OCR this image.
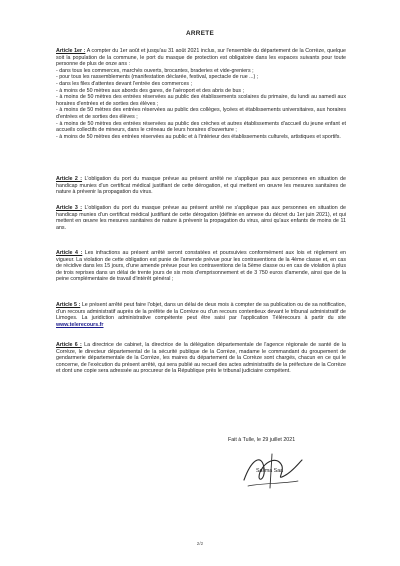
ARRETE

Article 1er : A compter du 1er août et jusqu'au 31 août 2021 inclus, sur l'ensemble du département de la Corrèze, quelque soit la population de la commune, le port du masque de protection est obligatoire dans les espaces suivants pour toute personne de plus de onze ans :

- dans tous les commerces, marchés ouverts, brocantes, braderies et vide-greniers ;

- pour tous les rassemblements (manifestation déclarée, festival, spectacle de rue ...) ;

- dans les files d'attentes devant l'entrée des commerces ;

- à moins de 50 mètres aux abords des gares, de l'aéroport et des abris de bus ;

- à moins de 50 mètres des entrées réservées au public des établissements scolaires du primaire, du lundi au samedi aux horaires d'entrées et de sorties des élèves ;

- à moins de 50 mètres des entrées réservées au public des collèges, lycées et établissements universitaires, aux horaires d'entrées et de sorties des élèves ;

- à moins de 50 mètres des entrées réservées au public des crèches et autres établissements d'accueil du jeune enfant et accueils collectifs de mineurs, dans le créneau de leurs horaires d'ouverture ;

- à moins de 50 mètres des entrées réservées au public et à l'intérieur des établissements culturels, artistiques et sportifs.

Article 2 : L'obligation du port du masque prévue au présent arrêté ne s'applique pas aux personnes en situation de handicap munies d'un certificat médical justifiant de cette dérogation, et qui mettent en œuvre les mesures sanitaires de nature à prévenir la propagation du virus.

Article 3 : L'obligation du port du masque prévue au présent arrêté ne s'applique pas aux personnes en situation de handicap munies d'un certificat médical justifiant de cette dérogation (définie en annexe du décret du 1er juin 2021), et qui mettent en œuvre les mesures sanitaires de nature à prévenir la propagation du virus, ainsi qu'aux enfants de moins de 11 ans.

Article 4 : Les infractions au présent arrêté seront constatées et poursuivies conformément aux lois et règlement en vigueur. La violation de cette obligation est punie de l'amende prévue pour les contraventions de la 4ème classe et, en cas de récidive dans les 15 jours, d'une amende prévue pour les contraventions de la 5ème classe ou en cas de violation à plus de trois reprises dans un délai de trente jours de six mois d'emprisonnement et de 3 750 euros d'amende, ainsi que de la peine complémentaire de travail d'intérêt général ;

Article 5 : Le présent arrêté peut faire l'objet, dans un délai de deux mois à compter de sa publication ou de sa notification, d'un recours administratif auprès de la préfète de la Corrèze ou d'un recours contentieux devant le tribunal administratif de Limoges. La juridiction administrative compétente peut être saisi par l'application Télérecours à partir du site www.telerecours.fr

Article 6 : La directrice de cabinet, la directrice de la délégation départementale de l'agence régionale de santé de la Corrèze, le directeur départemental de la sécurité publique de la Corrèze, madame le commandant du groupement de gendarmerie départementale de la Corrèze, les maires du département de la Corrèze sont chargés, chacun en ce qui le concerne, de l'exécution du présent arrêté, qui sera publié au recueil des actes administratifs de la préfecture de la Corrèze et dont une copie sera adressée au procureur de la République près le tribunal judiciaire compétent.

Fait à Tulle, le 29 juillet 2021
Salima Saa
2/2
